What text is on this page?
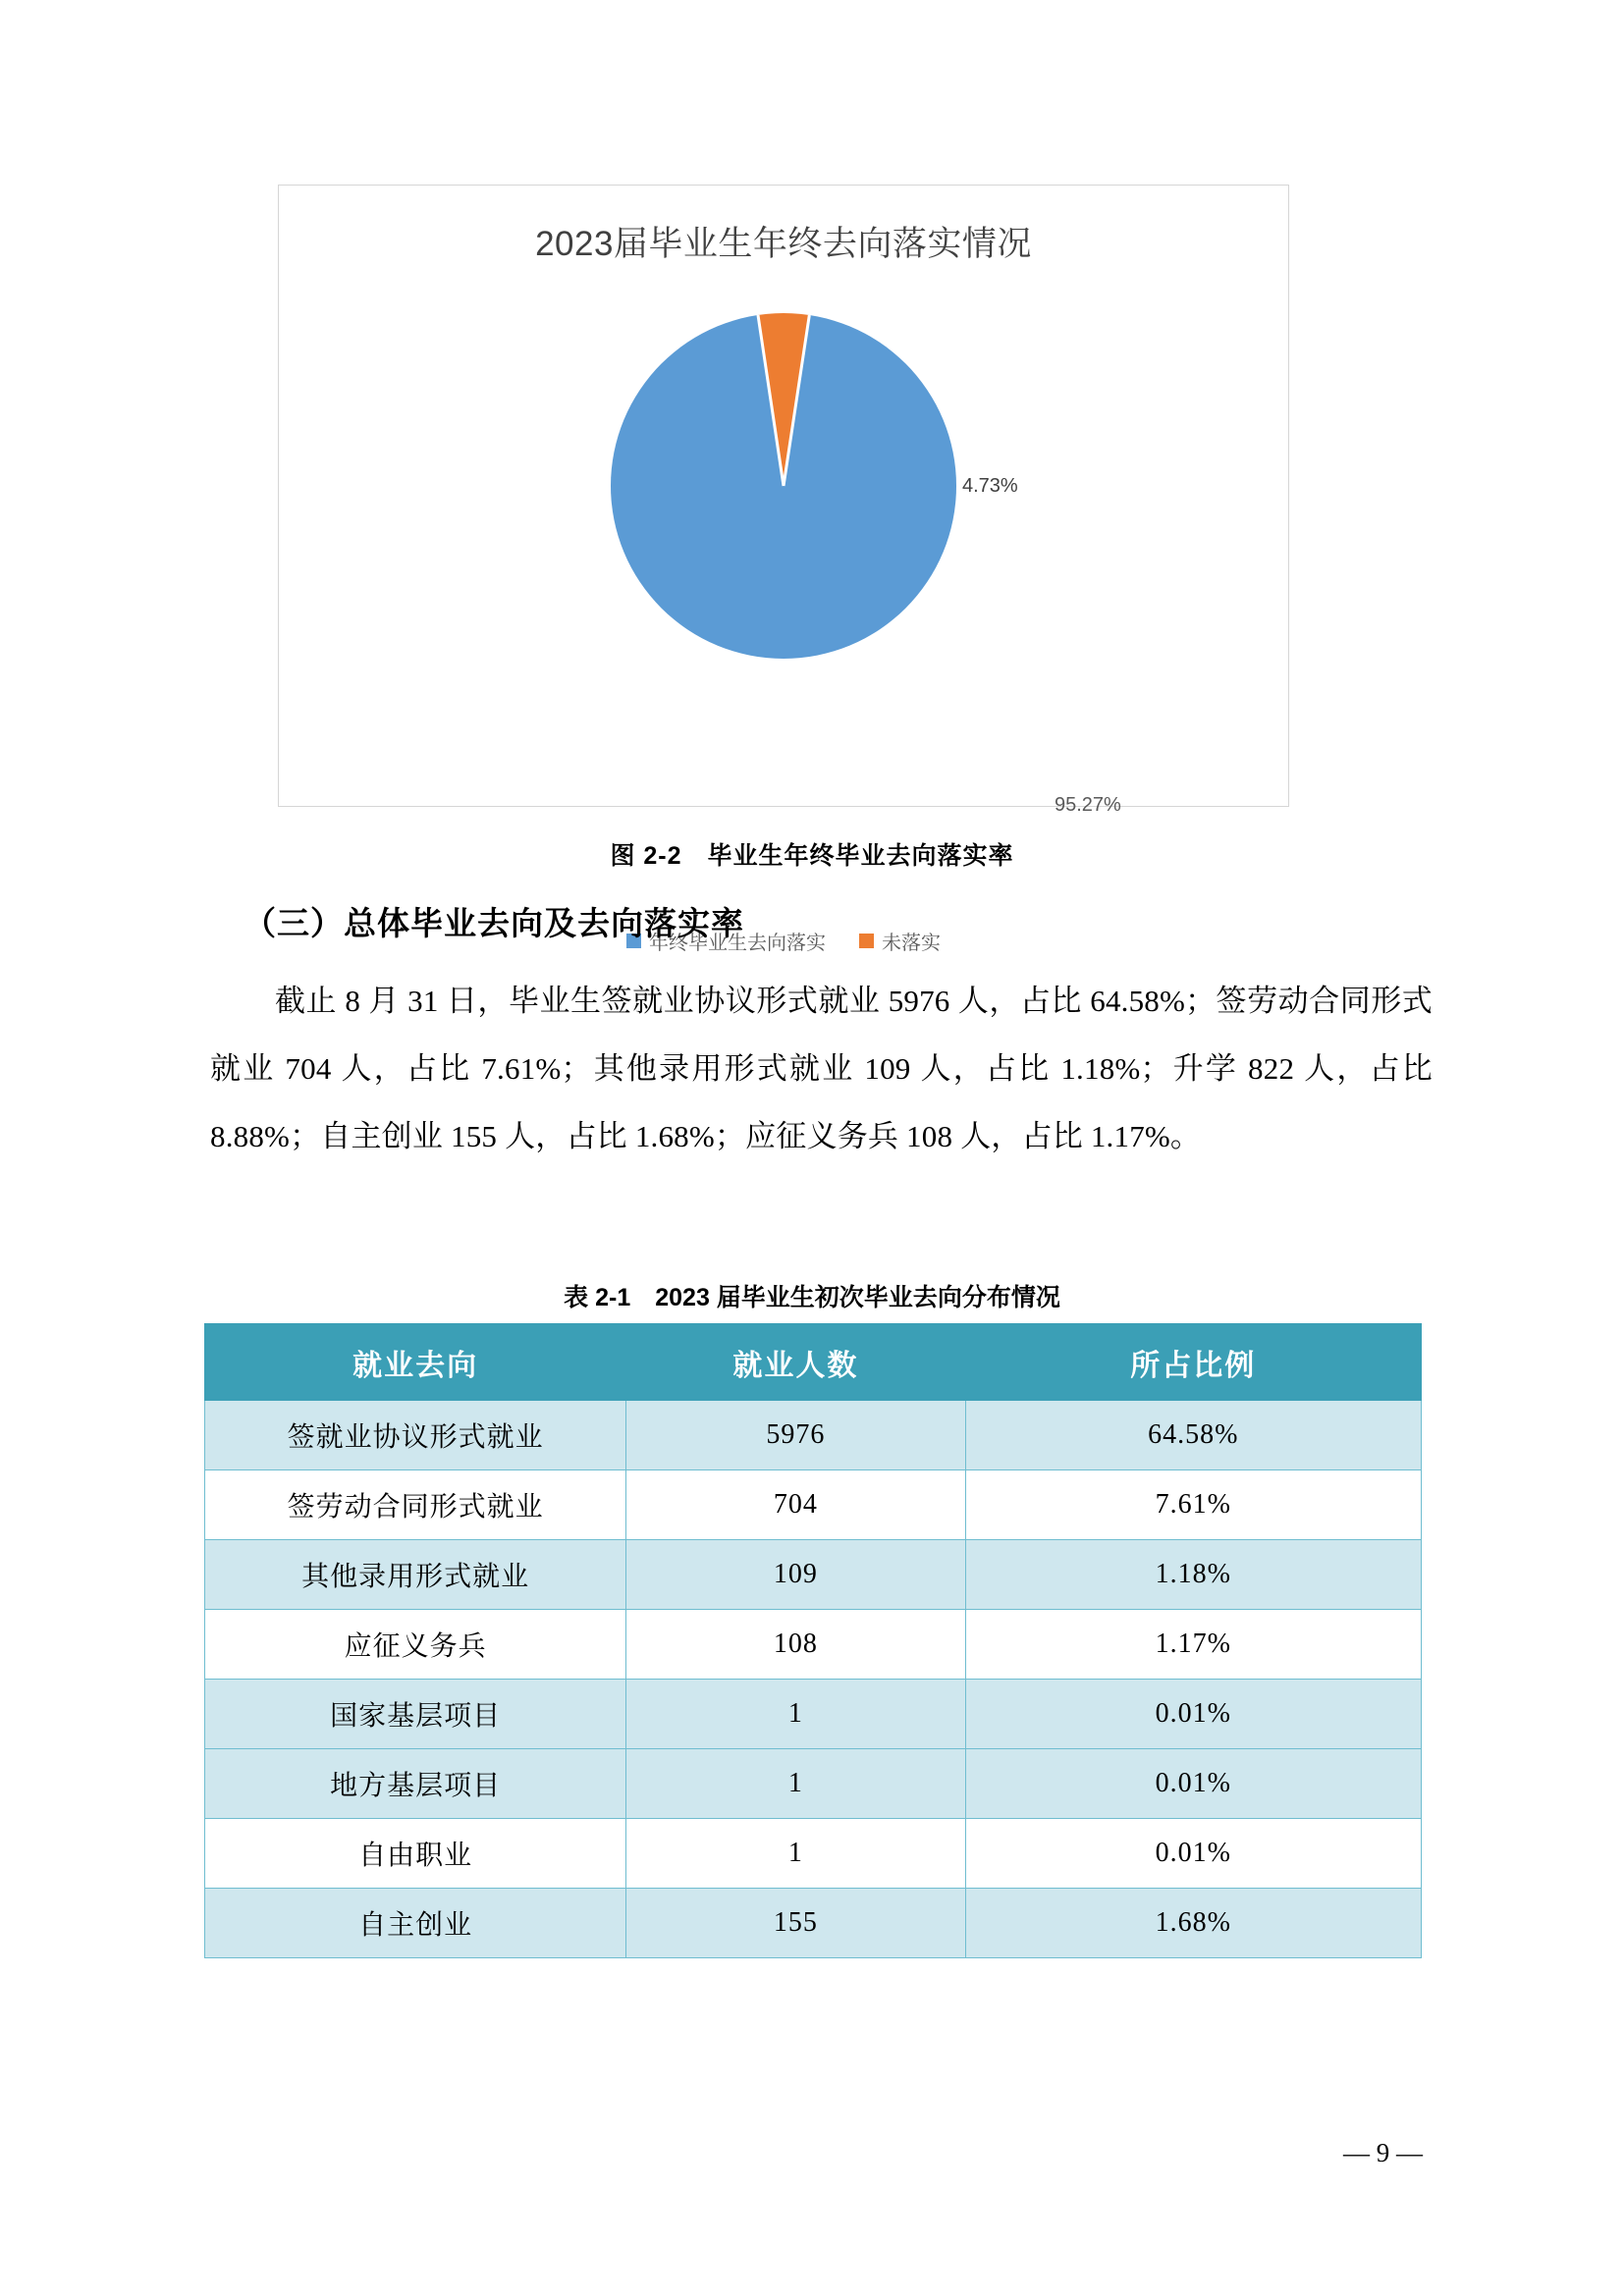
2023届毕业生年终去向落实情况
4.73%
95.27%
年终毕业生去向落实	未落实
图 2-2　毕业生年终毕业去向落实率
（三）总体毕业去向及去向落实率
截止 8 月 31 日，毕业生签就业协议形式就业 5976 人，占比 64.58%；签劳动合同形式就业 704 人，占比 7.61%；其他录用形式就业 109 人，占比 1.18%；升学 822 人，占比 8.88%；自主创业 155 人，占比 1.68%；应征义务兵 108 人，占比 1.17%。
表 2-1　2023 届毕业生初次毕业去向分布情况
就业去向	就业人数	所占比例
签就业协议形式就业	5976	64.58%
签劳动合同形式就业	704	7.61%
其他录用形式就业	109	1.18%
应征义务兵	108	1.17%
国家基层项目	1	0.01%
地方基层项目	1	0.01%
自由职业	1	0.01%
自主创业	155	1.68%
— 9 —
